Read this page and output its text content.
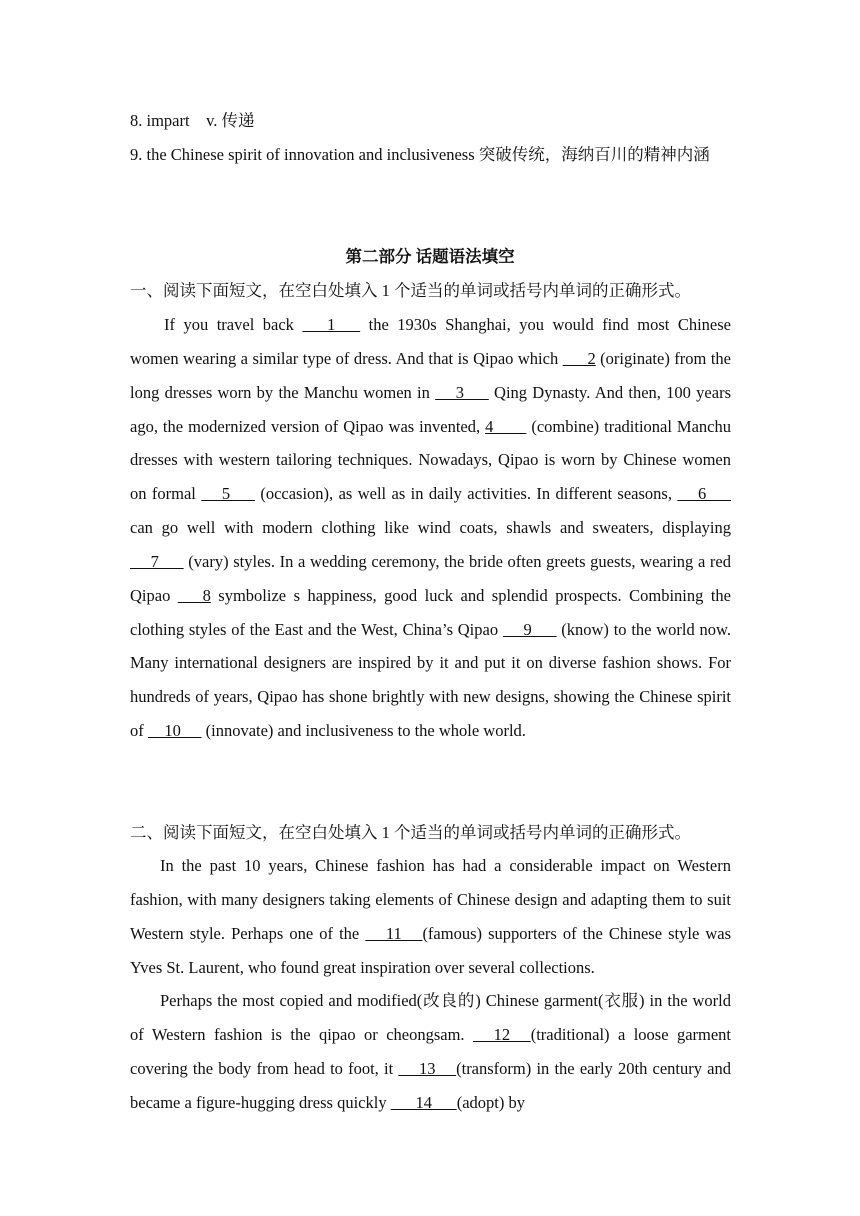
8. impart v. 传递
9. the Chinese spirit of innovation and inclusiveness 突破传统，海纳百川的精神内涵
第二部分 话题语法填空
一、阅读下面短文，在空白处填入 1 个适当的单词或括号内单词的正确形式。

If you travel back       1       the 1930s Shanghai, you would find most Chinese women wearing a similar type of dress. And that is Qipao which       2 (originate) from the long dresses worn by the Manchu women in      3       Qing Dynasty. And then, 100 years ago, the modernized version of Qipao was invented, 4         (combine) traditional Manchu dresses with western tailoring techniques. Nowadays, Qipao is worn by Chinese women on formal      5       (occasion), as well as in daily activities. In different seasons,      6       can go well with modern clothing like wind coats, shawls and sweaters, displaying      7       (vary) styles. In a wedding ceremony, the bride often greets guests, wearing a red Qipao       8 symbolize s happiness, good luck and splendid prospects. Combining the clothing styles of the East and the West, China’s Qipao      9       (know) to the world now. Many international designers are inspired by it and put it on diverse fashion shows. For hundreds of years, Qipao has shone brightly with new designs, showing the Chinese spirit of     10      (innovate) and inclusiveness to the whole world.

二、阅读下面短文，在空白处填入 1 个适当的单词或括号内单词的正确形式。

In the past 10 years, Chinese fashion has had a considerable impact on Western fashion, with many designers taking elements of Chinese design and adapting them to suit Western style. Perhaps one of the      11     (famous) supporters of the Chinese style was Yves St. Laurent, who found great inspiration over several collections.

Perhaps the most copied and modified(改良的) Chinese garment(衣服) in the world of Western fashion is the qipao or cheongsam.      12     (traditional) a loose garment covering the body from head to foot, it      13     (transform) in the early 20th century and became a figure-hugging dress quickly       14      (adopt) by
